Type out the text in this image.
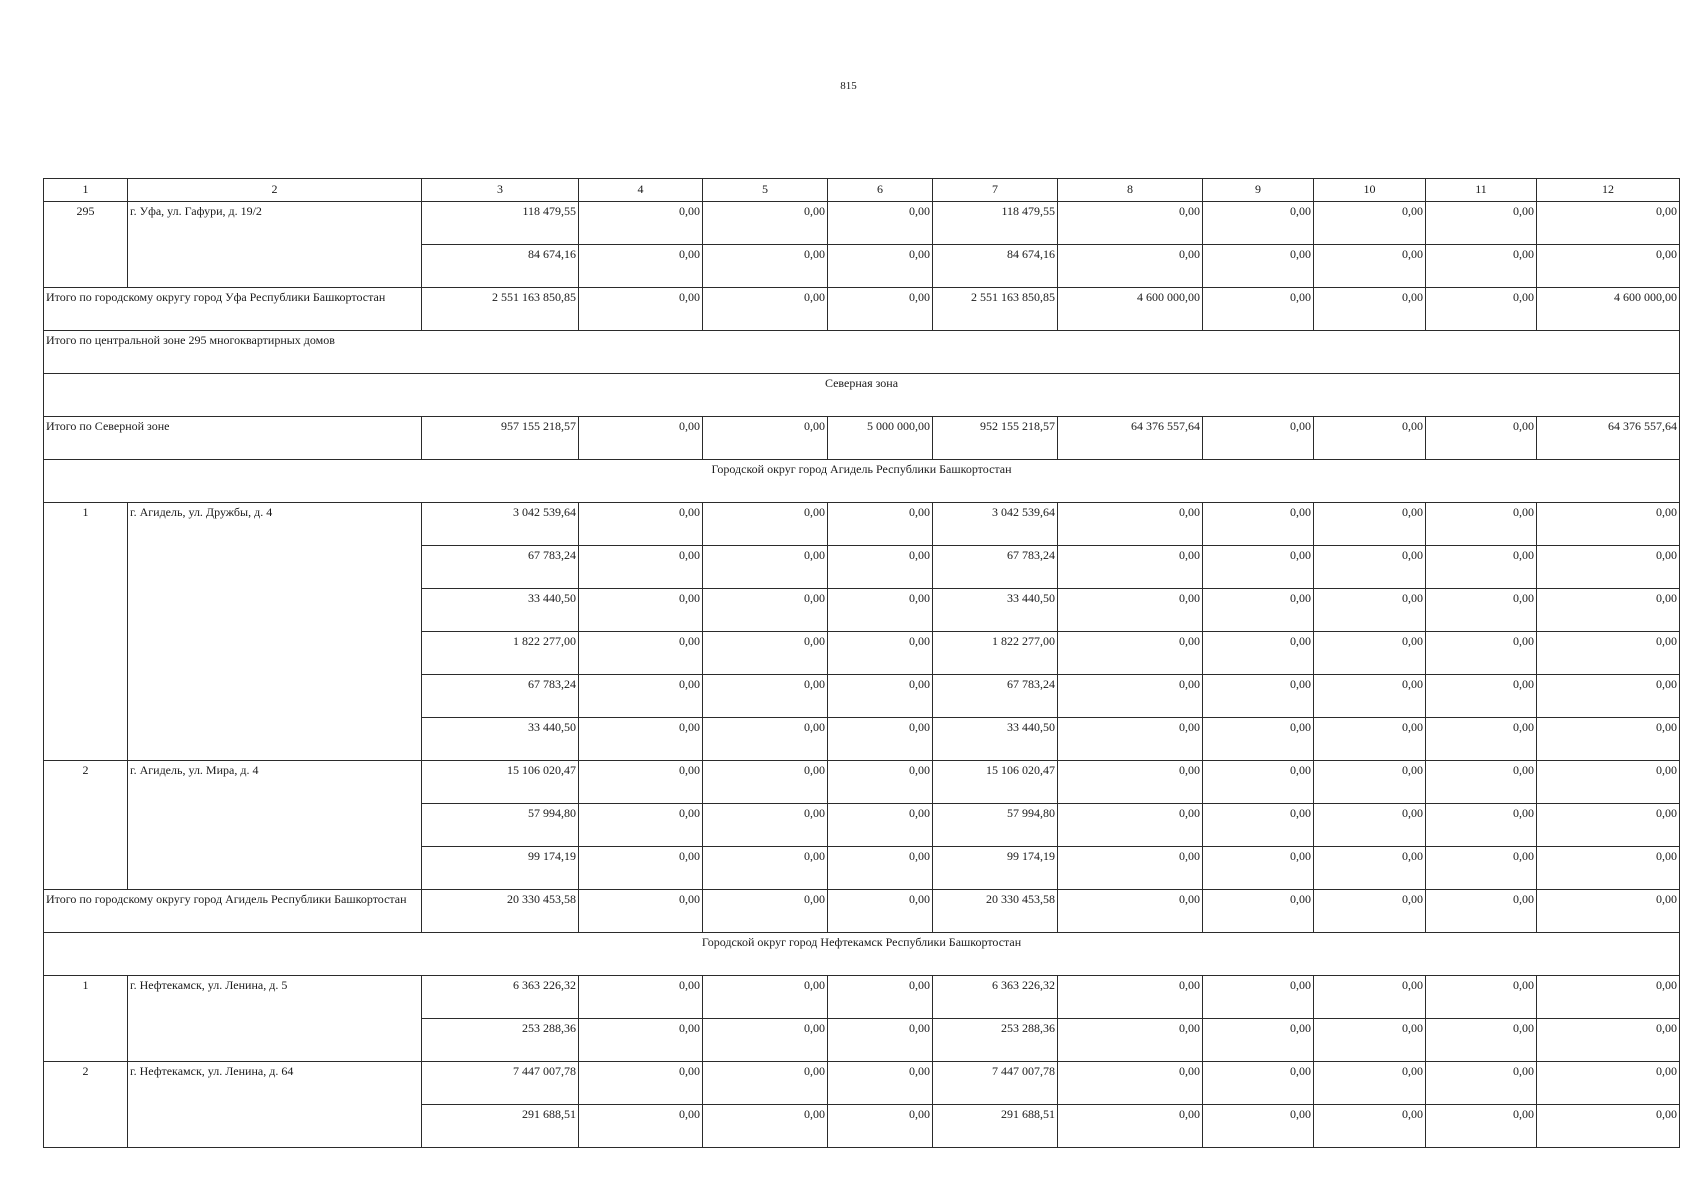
815
1	2	3	4	5	6	7	8	9	10	11	12
295	г. Уфа, ул. Гафури, д. 19/2	118 479,55	0,00	0,00	0,00	118 479,55	0,00	0,00	0,00	0,00	0,00
		84 674,16	0,00	0,00	0,00	84 674,16	0,00	0,00	0,00	0,00	0,00
Итого по городскому округу город Уфа Республики Башкортостан		2 551 163 850,85	0,00	0,00	0,00	2 551 163 850,85	4 600 000,00	0,00	0,00	0,00	4 600 000,00
Итого по центральной зоне 295 многоквартирных домов											
Северная зона											
Итого по Северной зоне		957 155 218,57	0,00	0,00	5 000 000,00	952 155 218,57	64 376 557,64	0,00	0,00	0,00	64 376 557,64
Городской округ город Агидель Республики Башкортостан											
1	г. Агидель, ул. Дружбы, д. 4	3 042 539,64	0,00	0,00	0,00	3 042 539,64	0,00	0,00	0,00	0,00	0,00
		67 783,24	0,00	0,00	0,00	67 783,24	0,00	0,00	0,00	0,00	0,00
		33 440,50	0,00	0,00	0,00	33 440,50	0,00	0,00	0,00	0,00	0,00
		1 822 277,00	0,00	0,00	0,00	1 822 277,00	0,00	0,00	0,00	0,00	0,00
		67 783,24	0,00	0,00	0,00	67 783,24	0,00	0,00	0,00	0,00	0,00
		33 440,50	0,00	0,00	0,00	33 440,50	0,00	0,00	0,00	0,00	0,00
2	г. Агидель, ул. Мира, д. 4	15 106 020,47	0,00	0,00	0,00	15 106 020,47	0,00	0,00	0,00	0,00	0,00
		57 994,80	0,00	0,00	0,00	57 994,80	0,00	0,00	0,00	0,00	0,00
		99 174,19	0,00	0,00	0,00	99 174,19	0,00	0,00	0,00	0,00	0,00
Итого по городскому округу город Агидель Республики Башкортостан		20 330 453,58	0,00	0,00	0,00	20 330 453,58	0,00	0,00	0,00	0,00	0,00
Городской округ город Нефтекамск Республики Башкортостан											
1	г. Нефтекамск, ул. Ленина, д. 5	6 363 226,32	0,00	0,00	0,00	6 363 226,32	0,00	0,00	0,00	0,00	0,00
		253 288,36	0,00	0,00	0,00	253 288,36	0,00	0,00	0,00	0,00	0,00
2	г. Нефтекамск, ул. Ленина, д. 64	7 447 007,78	0,00	0,00	0,00	7 447 007,78	0,00	0,00	0,00	0,00	0,00
		291 688,51	0,00	0,00	0,00	291 688,51	0,00	0,00	0,00	0,00	0,00
